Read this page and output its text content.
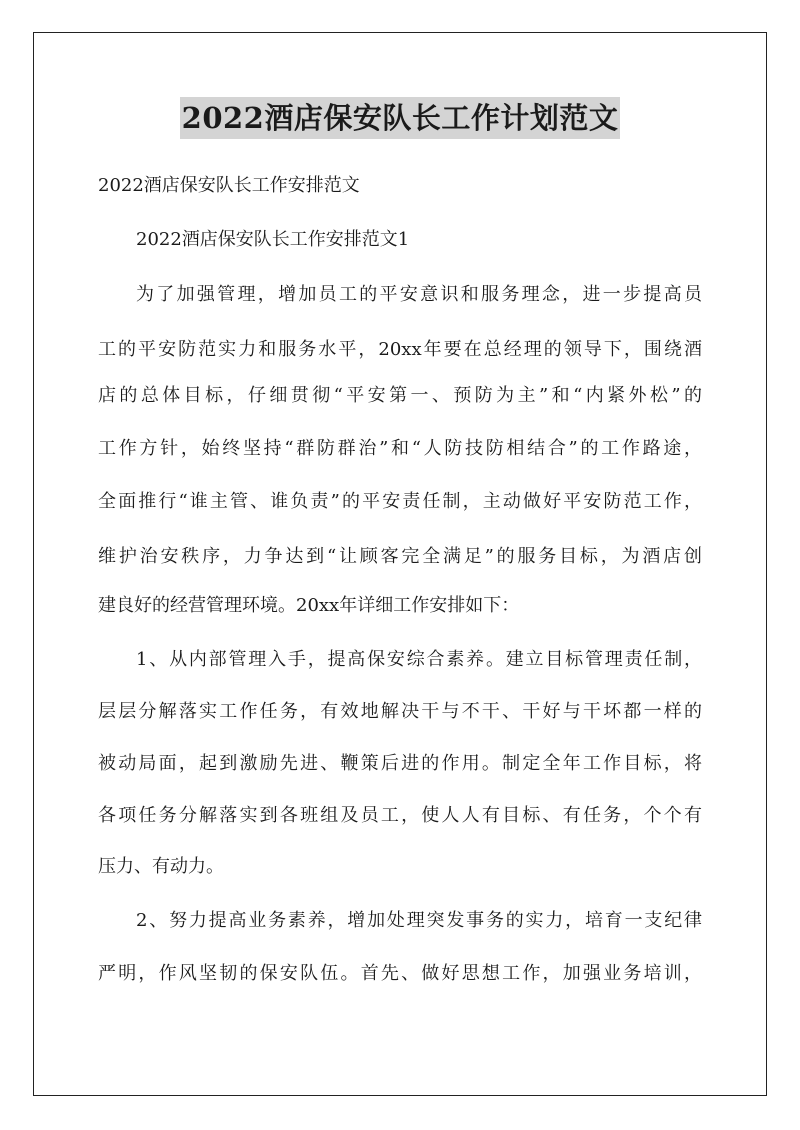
2022酒店保安队长工作计划范文
2022酒店保安队长工作安排范文
2022酒店保安队长工作安排范文1
为了加强管理，增加员工的平安意识和服务理念，进一步提高员
工的平安防范实力和服务水平，20xx年要在总经理的领导下，围绕酒
店的总体目标，仔细贯彻“平安第一、预防为主”和“内紧外松”的
工作方针，始终坚持“群防群治”和“人防技防相结合”的工作路途，
全面推行“谁主管、谁负责”的平安责任制，主动做好平安防范工作，
维护治安秩序，力争达到“让顾客完全满足”的服务目标，为酒店创
建良好的经营管理环境。20xx年详细工作安排如下：
1、从内部管理入手，提高保安综合素养。建立目标管理责任制，
层层分解落实工作任务，有效地解决干与不干、干好与干坏都一样的
被动局面，起到激励先进、鞭策后进的作用。制定全年工作目标，将
各项任务分解落实到各班组及员工，使人人有目标、有任务，个个有
压力、有动力。
2、努力提高业务素养，增加处理突发事务的实力，培育一支纪律
严明，作风坚韧的保安队伍。首先、做好思想工作，加强业务培训，
